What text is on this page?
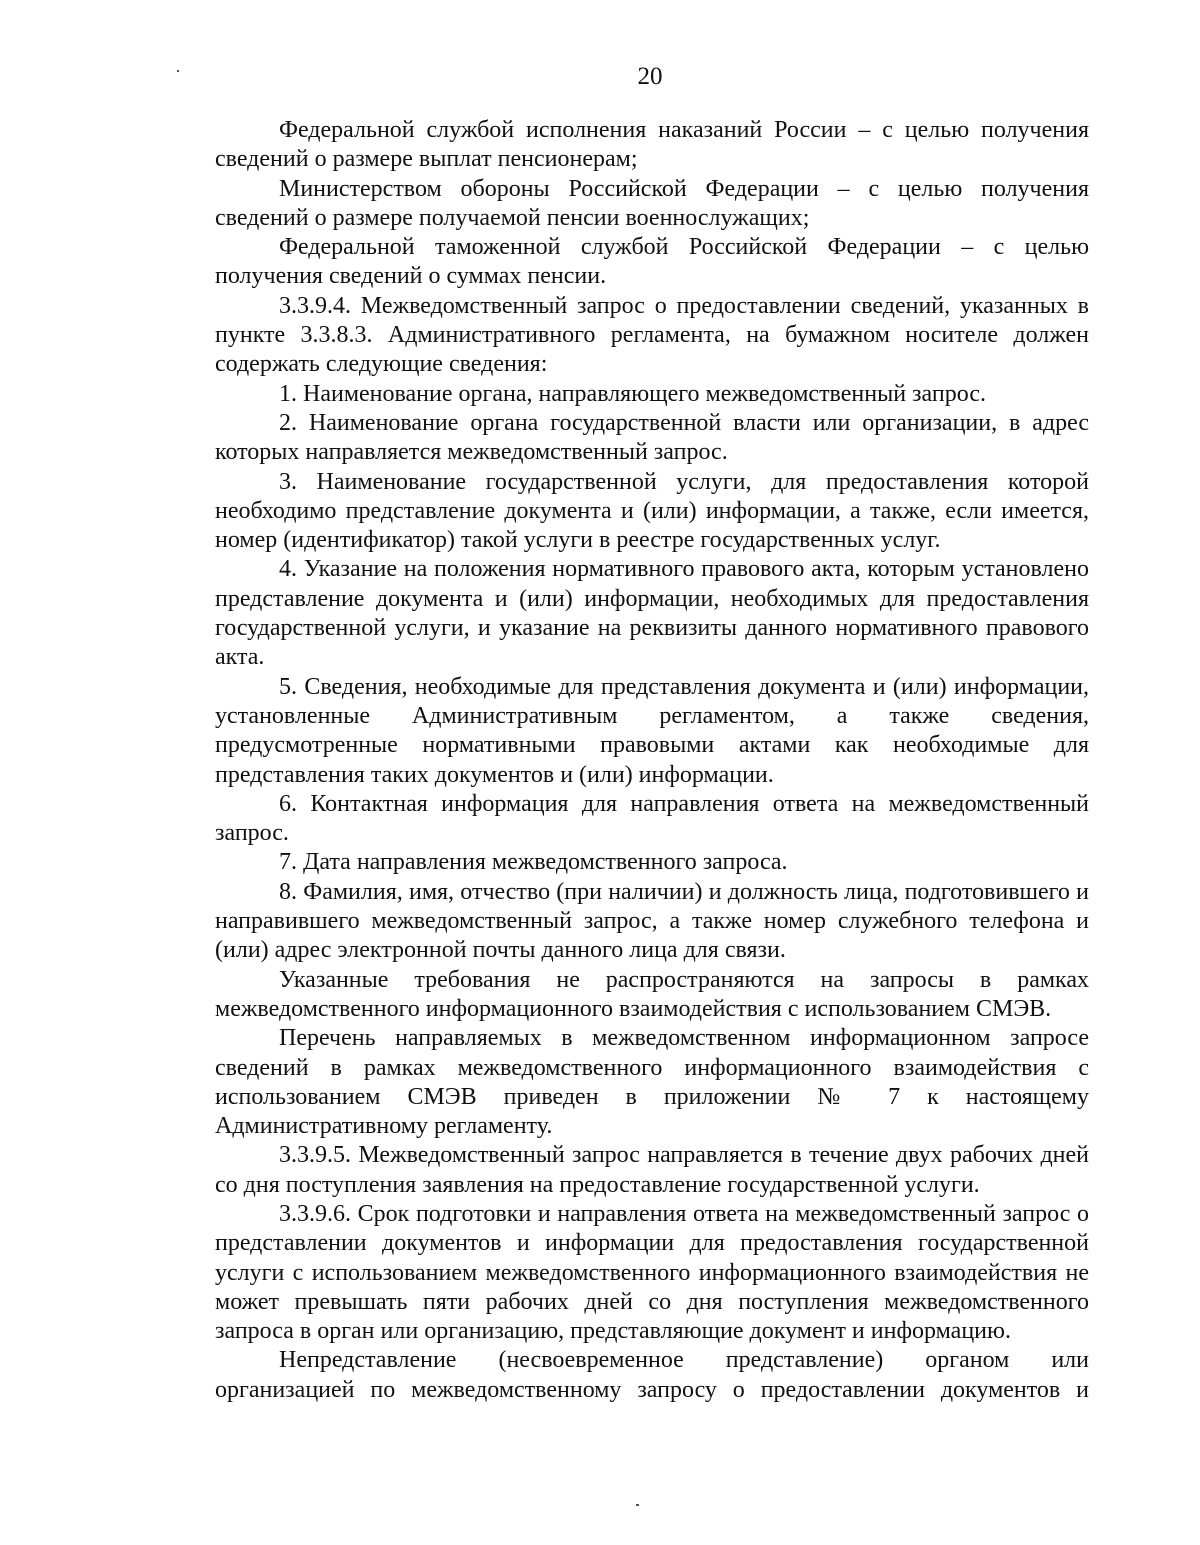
20

Федеральной службой исполнения наказаний России – с целью получения сведений о размере выплат пенсионерам;

Министерством обороны Российской Федерации – с целью получения сведений о размере получаемой пенсии военнослужащих;

Федеральной таможенной службой Российской Федерации – с целью получения сведений о суммах пенсии.

3.3.9.4. Межведомственный запрос о предоставлении сведений, указанных в пункте 3.3.8.3. Административного регламента, на бумажном носителе должен содержать следующие сведения:

1. Наименование органа, направляющего межведомственный запрос.

2. Наименование органа государственной власти или организации, в адрес которых направляется межведомственный запрос.

3. Наименование государственной услуги, для предоставления которой необходимо представление документа и (или) информации, а также, если имеется, номер (идентификатор) такой услуги в реестре государственных услуг.

4. Указание на положения нормативного правового акта, которым установлено представление документа и (или) информации, необходимых для предоставления государственной услуги, и указание на реквизиты данного нормативного правового акта.

5. Сведения, необходимые для представления документа и (или) информации, установленные Административным регламентом, а также сведения, предусмотренные нормативными правовыми актами как необходимые для представления таких документов и (или) информации.

6. Контактная информация для направления ответа на межведомственный запрос.

7. Дата направления межведомственного запроса.

8. Фамилия, имя, отчество (при наличии) и должность лица, подготовившего и направившего межведомственный запрос, а также номер служебного телефона и (или) адрес электронной почты данного лица для связи.

Указанные требования не распространяются на запросы в рамках межведомственного информационного взаимодействия с использованием СМЭВ.

Перечень направляемых в межведомственном информационном запросе сведений в рамках межведомственного информационного взаимодействия с использованием СМЭВ приведен в приложении № 7 к настоящему Административному регламенту.

3.3.9.5. Межведомственный запрос направляется в течение двух рабочих дней со дня поступления заявления на предоставление государственной услуги.

3.3.9.6. Срок подготовки и направления ответа на межведомственный запрос о представлении документов и информации для предоставления государственной услуги с использованием межведомственного информационного взаимодействия не может превышать пяти рабочих дней со дня поступления межведомственного запроса в орган или организацию, представляющие документ и информацию.

Непредставление (несвоевременное представление) органом или организацией по межведомственному запросу о предоставлении документов и
